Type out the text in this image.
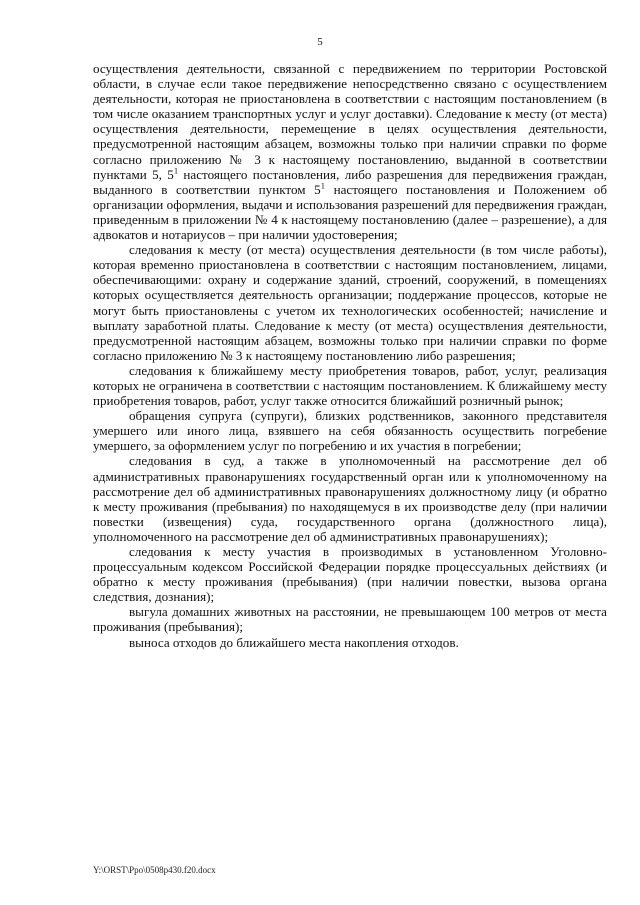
5

осуществления деятельности, связанной с передвижением по территории Ростовской области, в случае если такое передвижение непосредственно связано с осуществлением деятельности, которая не приостановлена в соответствии с настоящим постановлением (в том числе оказанием транспортных услуг и услуг доставки). Следование к месту (от места) осуществления деятельности, перемещение в целях осуществления деятельности, предусмотренной настоящим абзацем, возможны только при наличии справки по форме согласно приложению № 3 к настоящему постановлению, выданной в соответствии пунктами 5, $5^1$ настоящего постановления, либо разрешения для передвижения граждан, выданного в соответствии пунктом $5^1$ настоящего постановления и Положением об организации оформления, выдачи и использования разрешений для передвижения граждан, приведенным в приложении № 4 к настоящему постановлению (далее – разрешение), а для адвокатов и нотариусов – при наличии удостоверения;

следования к месту (от места) осуществления деятельности (в том числе работы), которая временно приостановлена в соответствии с настоящим постановлением, лицами, обеспечивающими: охрану и содержание зданий, строений, сооружений, в помещениях которых осуществляется деятельность организации; поддержание процессов, которые не могут быть приостановлены с учетом их технологических особенностей; начисление и выплату заработной платы. Следование к месту (от места) осуществления деятельности, предусмотренной настоящим абзацем, возможны только при наличии справки по форме согласно приложению № 3 к настоящему постановлению либо разрешения;

следования к ближайшему месту приобретения товаров, работ, услуг, реализация которых не ограничена в соответствии с настоящим постановлением. К ближайшему месту приобретения товаров, работ, услуг также относится ближайший розничный рынок;

обращения супруга (супруги), близких родственников, законного представителя умершего или иного лица, взявшего на себя обязанность осуществить погребение умершего, за оформлением услуг по погребению и их участия в погребении;

следования в суд, а также в уполномоченный на рассмотрение дел об административных правонарушениях государственный орган или к уполномоченному на рассмотрение дел об административных правонарушениях должностному лицу (и обратно к месту проживания (пребывания) по находящемуся в их производстве делу (при наличии повестки (извещения) суда, государственного органа (должностного лица), уполномоченного на рассмотрение дел об административных правонарушениях);

следования к месту участия в производимых в установленном Уголовно-процессуальным кодексом Российской Федерации порядке процессуальных действиях (и обратно к месту проживания (пребывания) (при наличии повестки, вызова органа следствия, дознания);

выгула домашних животных на расстоянии, не превышающем 100 метров от места проживания (пребывания);

выноса отходов до ближайшего места накопления отходов.

Y:\ORST\Ppo\0508p430.f20.docx
